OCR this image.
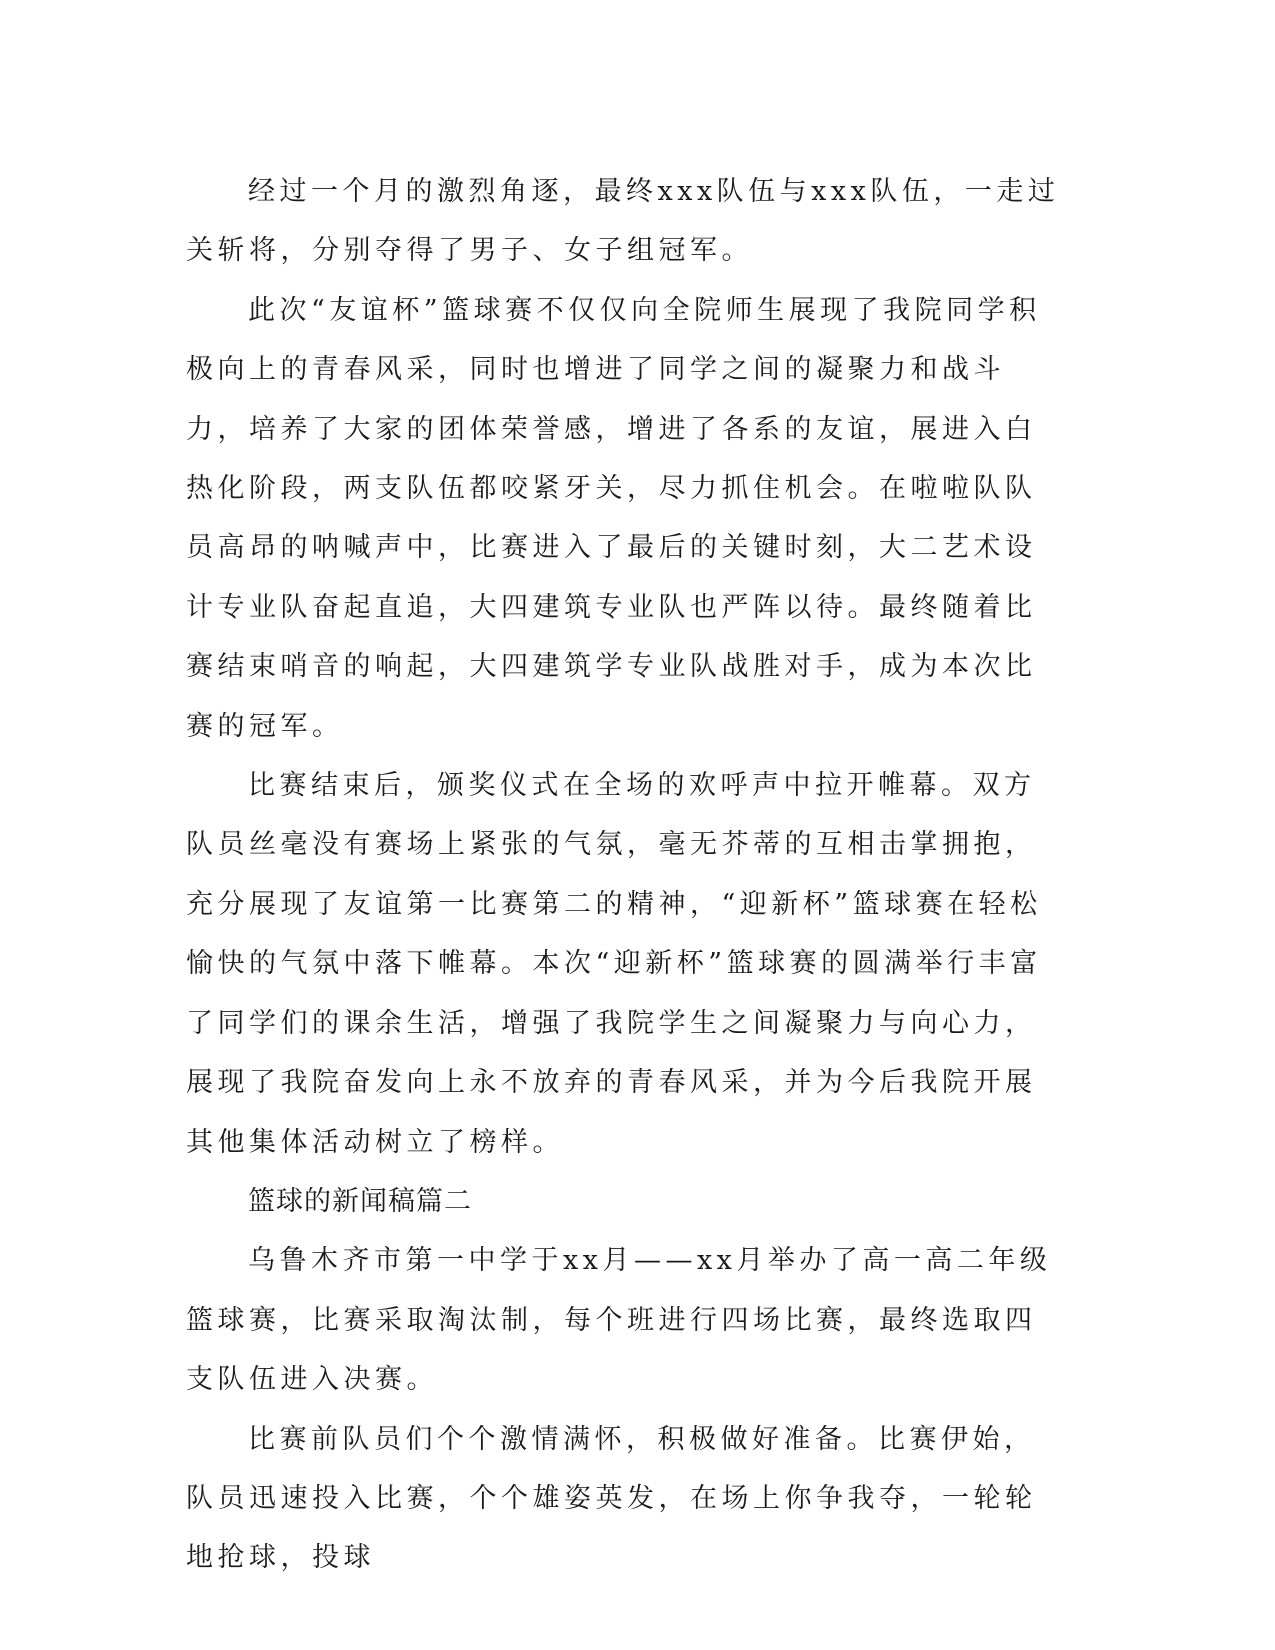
经过一个月的激烈角逐，最终xxx队伍与xxx队伍，一走过关斩将，分别夺得了男子、女子组冠军。

此次“友谊杯”篮球赛不仅仅向全院师生展现了我院同学积极向上的青春风采，同时也增进了同学之间的凝聚力和战斗力，培养了大家的团体荣誉感，增进了各系的友谊，展进入白热化阶段，两支队伍都咬紧牙关，尽力抓住机会。在啦啦队队员高昂的呐喊声中，比赛进入了最后的关键时刻，大二艺术设计专业队奋起直追，大四建筑专业队也严阵以待。最终随着比赛结束哨音的响起，大四建筑学专业队战胜对手，成为本次比赛的冠军。

比赛结束后，颁奖仪式在全场的欢呼声中拉开帷幕。双方队员丝毫没有赛场上紧张的气氛，毫无芥蒂的互相击掌拥抱，充分展现了友谊第一比赛第二的精神，“迎新杯”篮球赛在轻松愉快的气氛中落下帷幕。本次“迎新杯”篮球赛的圆满举行丰富了同学们的课余生活，增强了我院学生之间凝聚力与向心力，展现了我院奋发向上永不放弃的青春风采，并为今后我院开展其他集体活动树立了榜样。

篮球的新闻稿篇二

乌鲁木齐市第一中学于xx月——xx月举办了高一高二年级篮球赛，比赛采取淘汰制，每个班进行四场比赛，最终选取四支队伍进入决赛。

比赛前队员们个个激情满怀，积极做好准备。比赛伊始，队员迅速投入比赛，个个雄姿英发，在场上你争我夺，一轮轮地抢球，投球
